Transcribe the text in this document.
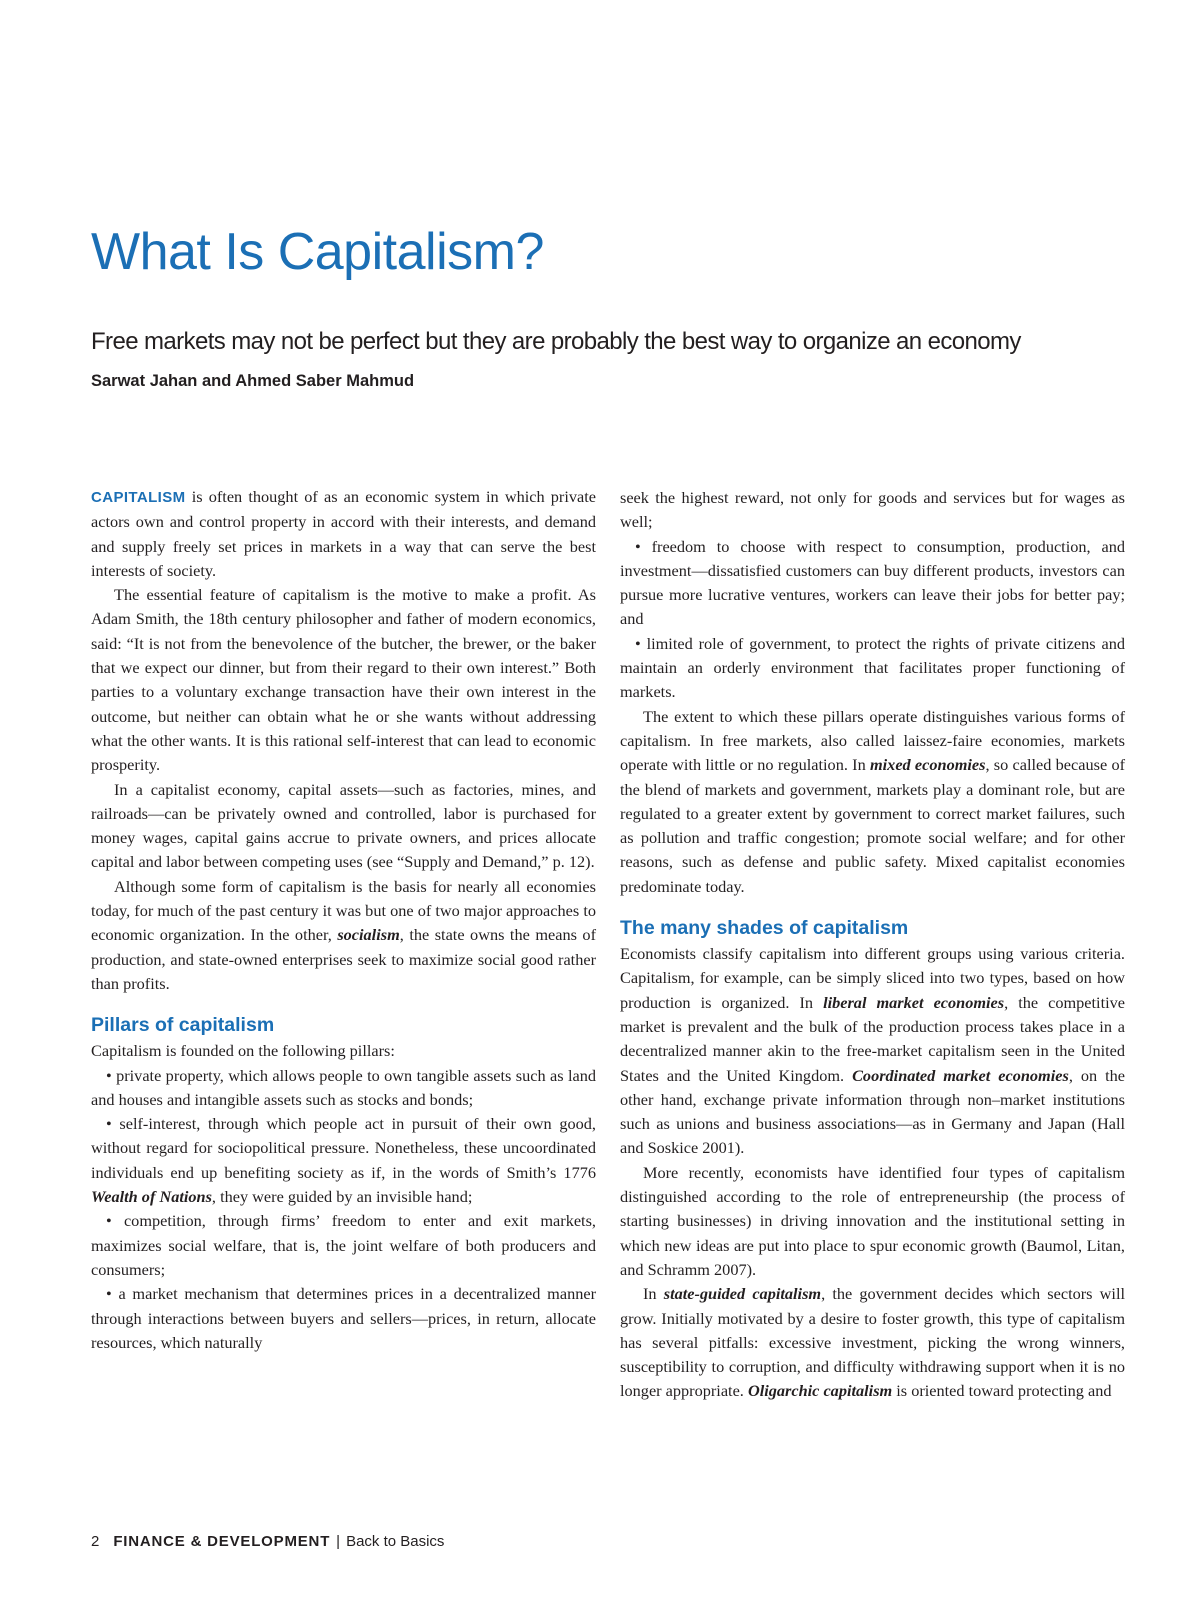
What Is Capitalism?
Free markets may not be perfect but they are probably the best way to organize an economy
Sarwat Jahan and Ahmed Saber Mahmud

CAPITALISM is often thought of as an economic system in which private actors own and control property in accord with their interests, and demand and supply freely set prices in markets in a way that can serve the best interests of society.

The essential feature of capitalism is the motive to make a profit. As Adam Smith, the 18th century philosopher and father of modern economics, said: “It is not from the benevolence of the butcher, the brewer, or the baker that we expect our dinner, but from their regard to their own interest.” Both parties to a voluntary exchange transaction have their own interest in the outcome, but neither can obtain what he or she wants without addressing what the other wants. It is this rational self-interest that can lead to economic prosperity.

In a capitalist economy, capital assets—such as factories, mines, and railroads—can be privately owned and controlled, labor is purchased for money wages, capital gains accrue to private owners, and prices allocate capital and labor between competing uses (see “Supply and Demand,” p. 12).

Although some form of capitalism is the basis for nearly all economies today, for much of the past century it was but one of two major approaches to economic organization. In the other, socialism, the state owns the means of production, and state-owned enterprises seek to maximize social good rather than profits.

Pillars of capitalism

Capitalism is founded on the following pillars:

• private property, which allows people to own tangible assets such as land and houses and intangible assets such as stocks and bonds;

• self-interest, through which people act in pursuit of their own good, without regard for sociopolitical pressure. Nonetheless, these uncoordinated individuals end up benefiting society as if, in the words of Smith’s 1776 Wealth of Nations, they were guided by an invisible hand;

• competition, through firms’ freedom to enter and exit markets, maximizes social welfare, that is, the joint welfare of both producers and consumers;

• a market mechanism that determines prices in a decentralized manner through interactions between buyers and sellers—prices, in return, allocate resources, which naturally

seek the highest reward, not only for goods and services but for wages as well;

• freedom to choose with respect to consumption, production, and investment—dissatisfied customers can buy different products, investors can pursue more lucrative ventures, workers can leave their jobs for better pay; and

• limited role of government, to protect the rights of private citizens and maintain an orderly environment that facilitates proper functioning of markets.

The extent to which these pillars operate distinguishes various forms of capitalism. In free markets, also called laissez-faire economies, markets operate with little or no regulation. In mixed economies, so called because of the blend of markets and government, markets play a dominant role, but are regulated to a greater extent by government to correct market failures, such as pollution and traffic congestion; promote social welfare; and for other reasons, such as defense and public safety. Mixed capitalist economies predominate today.

The many shades of capitalism

Economists classify capitalism into different groups using various criteria. Capitalism, for example, can be simply sliced into two types, based on how production is organized. In liberal market economies, the competitive market is prevalent and the bulk of the production process takes place in a decentralized manner akin to the free-market capitalism seen in the United States and the United Kingdom. Coordinated market economies, on the other hand, exchange private information through non–market institutions such as unions and business associations—as in Germany and Japan (Hall and Soskice 2001).

More recently, economists have identified four types of capitalism distinguished according to the role of entrepreneurship (the process of starting businesses) in driving innovation and the institutional setting in which new ideas are put into place to spur economic growth (Baumol, Litan, and Schramm 2007).

In state-guided capitalism, the government decides which sectors will grow. Initially motivated by a desire to foster growth, this type of capitalism has several pitfalls: excessive investment, picking the wrong winners, susceptibility to corruption, and difficulty withdrawing support when it is no longer appropriate. Oligarchic capitalism is oriented toward protecting and

2 FINANCE & DEVELOPMENT | Back to Basics
